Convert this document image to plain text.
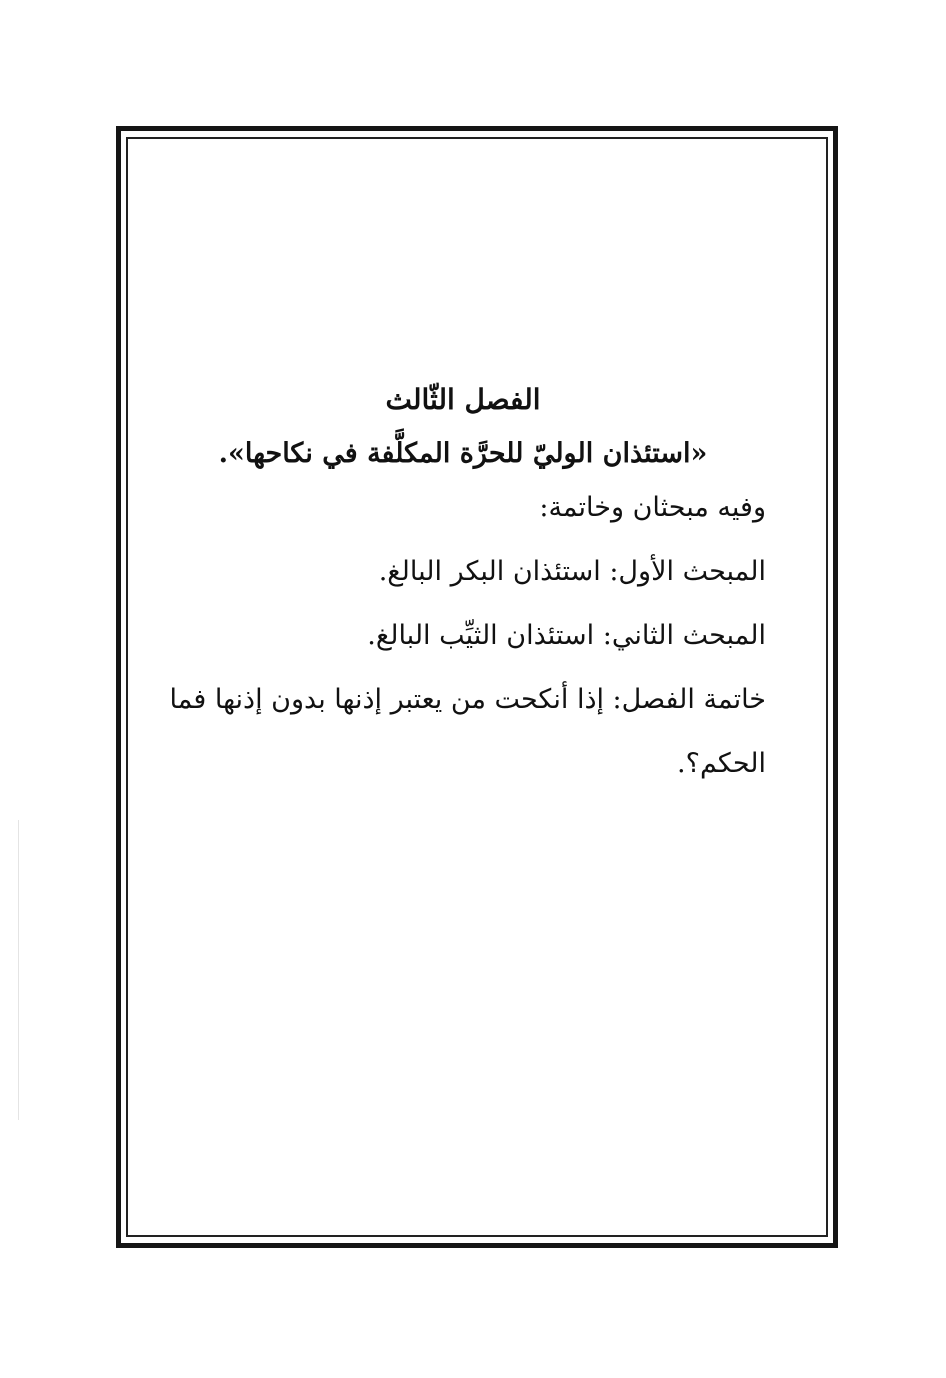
الفصل الثّالث
«استئذان الوليّ للحرَّة المكلَّفة في نكاحها».
وفيه مبحثان وخاتمة:
المبحث الأول: استئذان البكر البالغ.
المبحث الثاني: استئذان الثيِّب البالغ.
خاتمة الفصل: إذا أنكحت من يعتبر إذنها بدون إذنها فما الحكم؟.
